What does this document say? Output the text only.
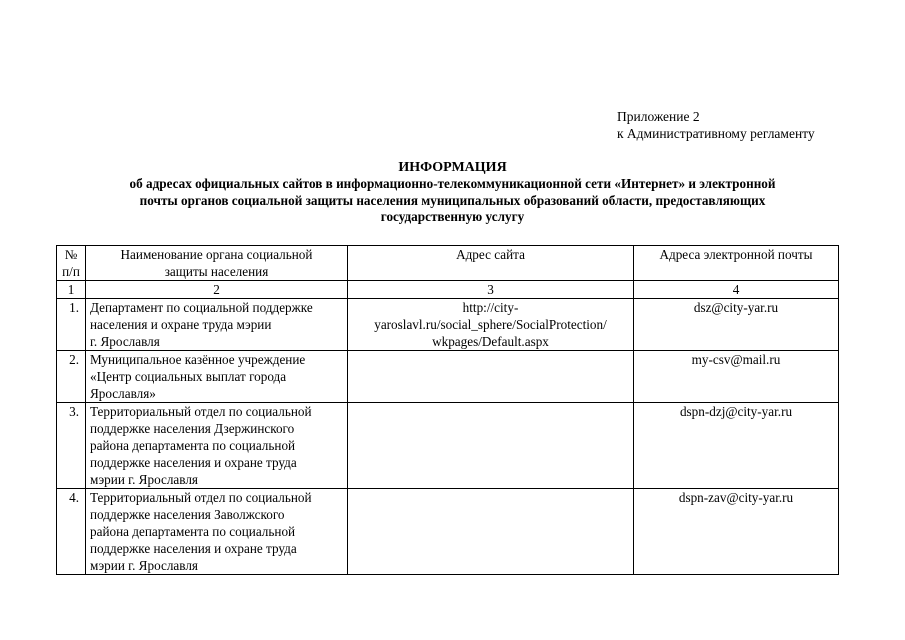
Приложение 2
к Административному регламенту
ИНФОРМАЦИЯ
об адресах официальных сайтов в информационно-телекоммуникационной сети «Интернет» и электронной
почты органов социальной защиты населения муниципальных образований области, предоставляющих
государственную услугу
№
п/п	Наименование органа социальной
защиты населения	Адрес сайта	Адреса электронной почты
1	2	3	4
1.	Департамент по социальной поддержке
населения и охране труда мэрии
г. Ярославля	http://city-
yaroslavl.ru/social_sphere/SocialProtection/
wkpages/Default.aspx	dsz@city-yar.ru
2.	Муниципальное казённое учреждение
«Центр социальных выплат города
Ярославля»		my-csv@mail.ru
3.	Территориальный отдел по социальной
поддержке населения Дзержинского
района департамента по социальной
поддержке населения и охране труда
мэрии г. Ярославля		dspn-dzj@city-yar.ru
4.	Территориальный отдел по социальной
поддержке населения Заволжского
района департамента по социальной
поддержке населения и охране труда
мэрии г. Ярославля		dspn-zav@city-yar.ru
